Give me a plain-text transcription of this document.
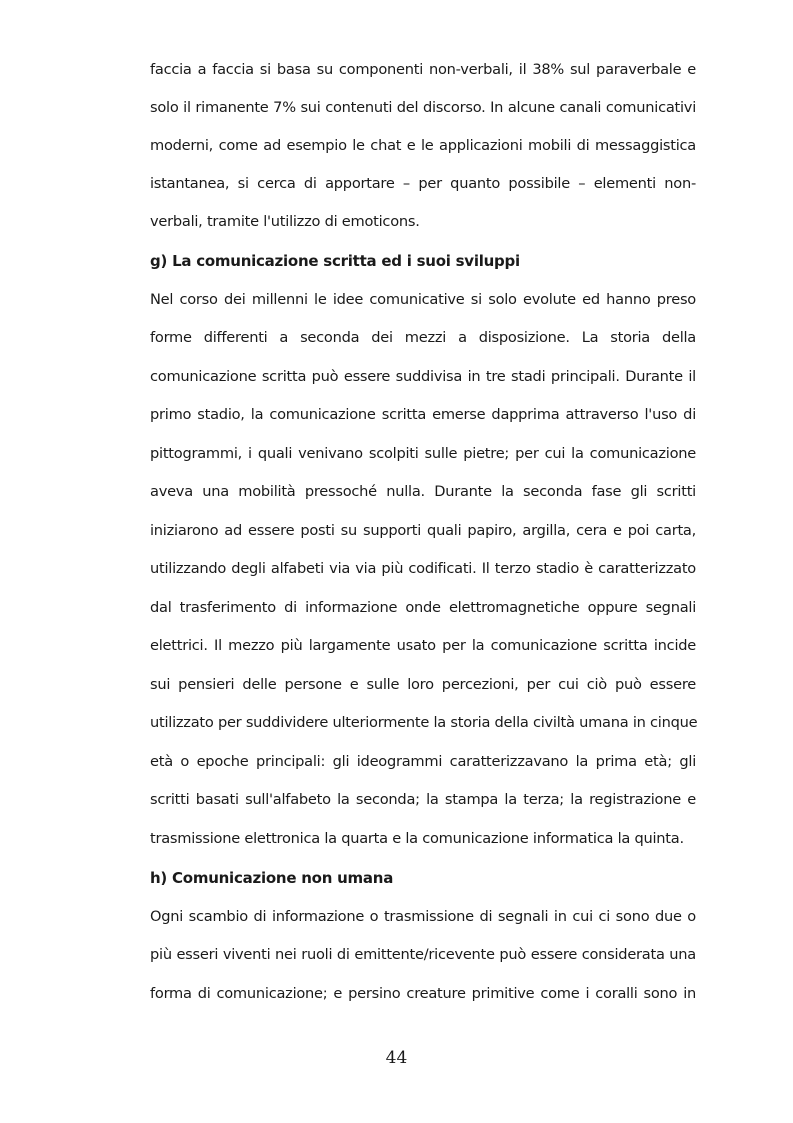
faccia a faccia si basa su componenti non-verbali, il 38% sul paraverbale e
solo il rimanente 7% sui contenuti del discorso. In alcune canali comunicativi
moderni, come ad esempio le chat e le applicazioni mobili di messaggistica
istantanea, si cerca di apportare – per quanto possibile – elementi non-
verbali, tramite l'utilizzo di emoticons.
g) La comunicazione scritta ed i suoi sviluppi
Nel corso dei millenni le idee comunicative si solo evolute ed hanno preso
forme differenti a seconda dei mezzi a disposizione. La storia della
comunicazione scritta può essere suddivisa in tre stadi principali. Durante il
primo stadio, la comunicazione scritta emerse dapprima attraverso l'uso di
pittogrammi, i quali venivano scolpiti sulle pietre; per cui la comunicazione
aveva una mobilità pressoché nulla. Durante la seconda fase gli scritti
iniziarono ad essere posti su supporti quali papiro, argilla, cera e poi carta,
utilizzando degli alfabeti via via più codificati. Il terzo stadio è caratterizzato
dal trasferimento di informazione onde elettromagnetiche oppure segnali
elettrici. Il mezzo più largamente usato per la comunicazione scritta incide
sui pensieri delle persone e sulle loro percezioni, per cui ciò può essere
utilizzato per suddividere ulteriormente la storia della civiltà umana in cinque
età o epoche principali: gli ideogrammi caratterizzavano la prima età; gli
scritti basati sull'alfabeto la seconda; la stampa la terza; la registrazione e
trasmissione elettronica la quarta e la comunicazione informatica la quinta.
h) Comunicazione non umana
Ogni scambio di informazione o trasmissione di segnali in cui ci sono due o
più esseri viventi nei ruoli di emittente/ricevente può essere considerata una
forma di comunicazione; e persino creature primitive come i coralli sono in
44
